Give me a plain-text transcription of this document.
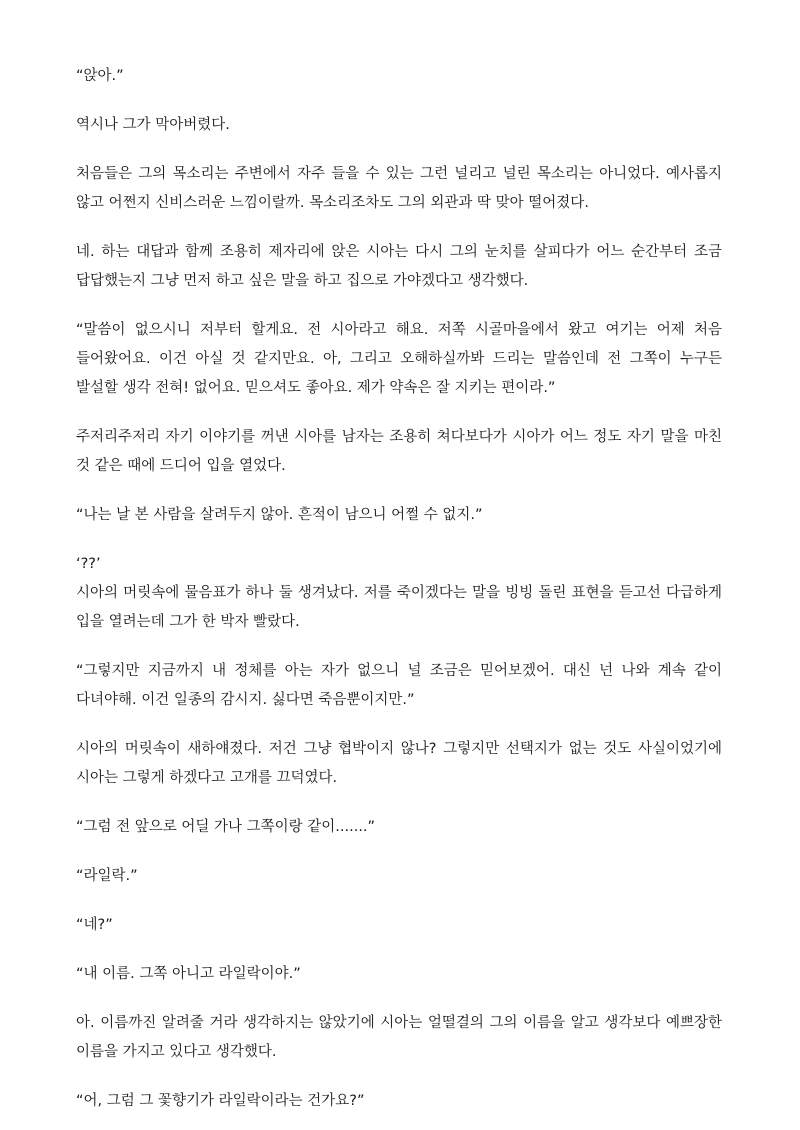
“앉아.”

역시나 그가 막아버렸다.

처음들은 그의 목소리는 주변에서 자주 들을 수 있는 그런 널리고 널린 목소리는 아니었다. 예사롭지 않고 어쩐지 신비스러운 느낌이랄까. 목소리조차도 그의 외관과 딱 맞아 떨어졌다.

네. 하는 대답과 함께 조용히 제자리에 앉은 시아는 다시 그의 눈치를 살피다가 어느 순간부터 조금 답답했는지 그냥 먼저 하고 싶은 말을 하고 집으로 가야겠다고 생각했다.

“말씀이 없으시니 저부터 할게요. 전 시아라고 해요. 저쪽 시골마을에서 왔고 여기는 어제 처음 들어왔어요. 이건 아실 것 같지만요. 아, 그리고 오해하실까봐 드리는 말씀인데 전 그쪽이 누구든 발설할 생각 전혀! 없어요. 믿으셔도 좋아요. 제가 약속은 잘 지키는 편이라.”

주저리주저리 자기 이야기를 꺼낸 시아를 남자는 조용히 쳐다보다가 시아가 어느 정도 자기 말을 마친 것 같은 때에 드디어 입을 열었다.

“나는 날 본 사람을 살려두지 않아. 흔적이 남으니 어쩔 수 없지.”

‘??’

시아의 머릿속에 물음표가 하나 둘 생겨났다. 저를 죽이겠다는 말을 빙빙 돌린 표현을 듣고선 다급하게 입을 열려는데 그가 한 박자 빨랐다.

“그렇지만 지금까지 내 정체를 아는 자가 없으니 널 조금은 믿어보겠어. 대신 넌 나와 계속 같이 다녀야해. 이건 일종의 감시지. 싫다면 죽음뿐이지만.”

시아의 머릿속이 새하얘졌다. 저건 그냥 협박이지 않나? 그렇지만 선택지가 없는 것도 사실이었기에 시아는 그렇게 하겠다고 고개를 끄덕였다.

“그럼 전 앞으로 어딜 가나 그쪽이랑 같이.......”

“라일락.”

“네?”

“내 이름. 그쪽 아니고 라일락이야.”

아. 이름까진 알려줄 거라 생각하지는 않았기에 시아는 얼떨결의 그의 이름을 알고 생각보다 예쁘장한 이름을 가지고 있다고 생각했다.

“어, 그럼 그 꽃향기가 라일락이라는 건가요?”
